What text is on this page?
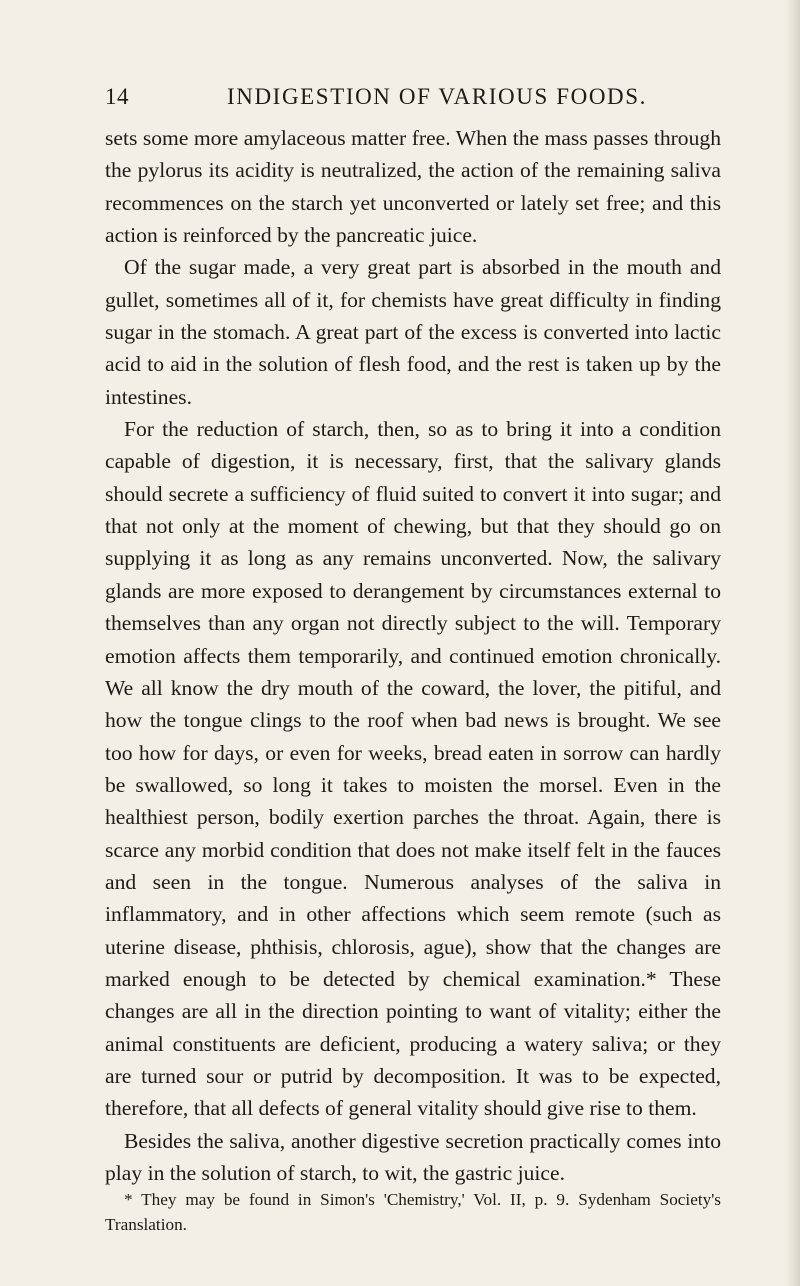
14	INDIGESTION OF VARIOUS FOODS.

sets some more amylaceous matter free. When the mass passes through the pylorus its acidity is neutralized, the action of the remaining saliva recommences on the starch yet unconverted or lately set free; and this action is reinforced by the pancreatic juice.

Of the sugar made, a very great part is absorbed in the mouth and gullet, sometimes all of it, for chemists have great difficulty in finding sugar in the stomach. A great part of the excess is converted into lactic acid to aid in the solution of flesh food, and the rest is taken up by the intestines.

For the reduction of starch, then, so as to bring it into a condition capable of digestion, it is necessary, first, that the salivary glands should secrete a sufficiency of fluid suited to convert it into sugar; and that not only at the moment of chewing, but that they should go on supplying it as long as any remains unconverted. Now, the salivary glands are more exposed to derangement by circumstances external to themselves than any organ not directly subject to the will. Temporary emotion affects them temporarily, and continued emotion chronically. We all know the dry mouth of the coward, the lover, the pitiful, and how the tongue clings to the roof when bad news is brought. We see too how for days, or even for weeks, bread eaten in sorrow can hardly be swallowed, so long it takes to moisten the morsel. Even in the healthiest person, bodily exertion parches the throat. Again, there is scarce any morbid condition that does not make itself felt in the fauces and seen in the tongue. Numerous analyses of the saliva in inflammatory, and in other affections which seem remote (such as uterine disease, phthisis, chlorosis, ague), show that the changes are marked enough to be detected by chemical examination.* These changes are all in the direction pointing to want of vitality; either the animal constituents are deficient, producing a watery saliva; or they are turned sour or putrid by decomposition. It was to be expected, therefore, that all defects of general vitality should give rise to them.

Besides the saliva, another digestive secretion practically comes into play in the solution of starch, to wit, the gastric juice.

* They may be found in Simon's 'Chemistry,' Vol. II, p. 9. Sydenham Society's Translation.
